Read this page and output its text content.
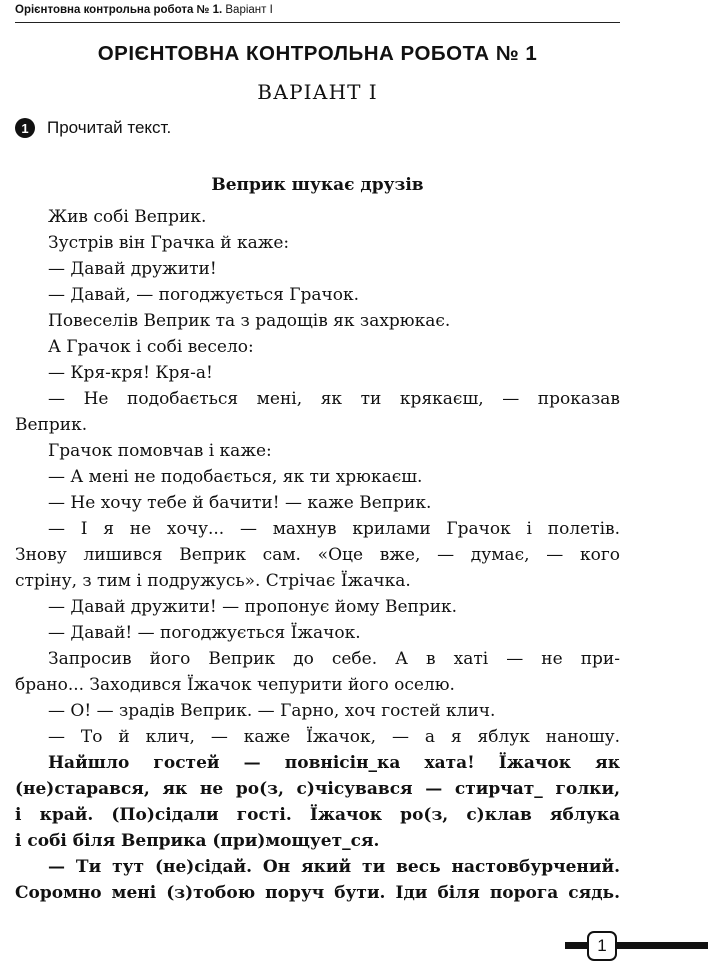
Орієнтовна контрольна робота № 1. Варіант І
ОРІЄНТОВНА КОНТРОЛЬНА РОБОТА № 1
ВАРІАНТ І
1	Прочитай текст.
Веприк шукає друзів
Жив собі Веприк.
Зустрів він Грачка й каже:
— Давай дружити!
— Давай, — погоджується Грачок.
Повеселів Веприк та з радощів як захрюкає.
А Грачок і собі весело:
— Кря-кря! Кря-а!
— Не подобається мені, як ти крякаєш, — проказав
Веприк.
Грачок помовчав і каже:
— А мені не подобається, як ти хрюкаєш.
— Не хочу тебе й бачити! — каже Веприк.
— І я не хочу... — махнув крилами Грачок і полетів.
Знову лишився Веприк сам. «Оце вже, — думає, — кого
стріну, з тим і подружусь». Стрічає Їжачка.
— Давай дружити! — пропонує йому Веприк.
— Давай! — погоджується Їжачок.
Запросив його Веприк до себе. А в хаті — не при-
брано... Заходився Їжачок чепурити його оселю.
— О! — зрадів Веприк. — Гарно, хоч гостей клич.
— То й клич, — каже Їжачок, — а я яблук наношу.
Найшло гостей — повнісін_ка хата! Їжачок як
(не)старався, як не ро(з, с)чісувався — стирчат_ голки,
і край. (По)сідали гості. Їжачок ро(з, с)клав яблука
і собі біля Веприка (при)мощует_ся.
— Ти тут (не)сідай. Он який ти весь настовбурчений.
Соромно мені (з)тобою поруч бути. Іди біля порога сядь.
1
